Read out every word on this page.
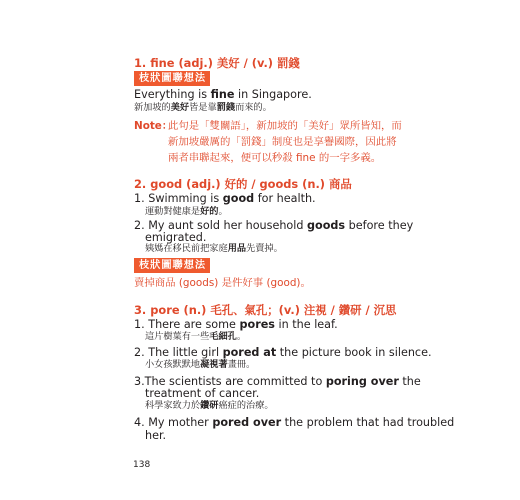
1. fine (adj.) 美好 / (v.) 罰錢
枝狀圖聯想法
Everything is fine in Singapore.
新加坡的美好皆是靠罰錢而來的。
Note：
此句是「雙關語」，新加坡的「美好」眾所皆知，而
新加坡嚴厲的「罰錢」制度也是享譽國際，因此將
兩者串聯起來，便可以秒殺 fine 的一字多義。
2. good (adj.) 好的 / goods (n.) 商品
1. Swimming is good for health.
運動對健康是好的。
2. My aunt sold her household goods before they
emigrated.
姨媽在移民前把家庭用品先賣掉。
枝狀圖聯想法
賣掉商品 (goods) 是件好事 (good)。
3. pore (n.) 毛孔、氣孔；(v.) 注視 / 鑽研 / 沉思
1. There are some pores in the leaf.
這片樹葉有一些毛細孔。
2. The little girl pored at the picture book in silence.
小女孩默默地凝視著畫冊。
3.The scientists are committed to poring over the
treatment of cancer.
科學家致力於鑽研癌症的治療。
4. My mother pored over the problem that had troubled
her.
138
